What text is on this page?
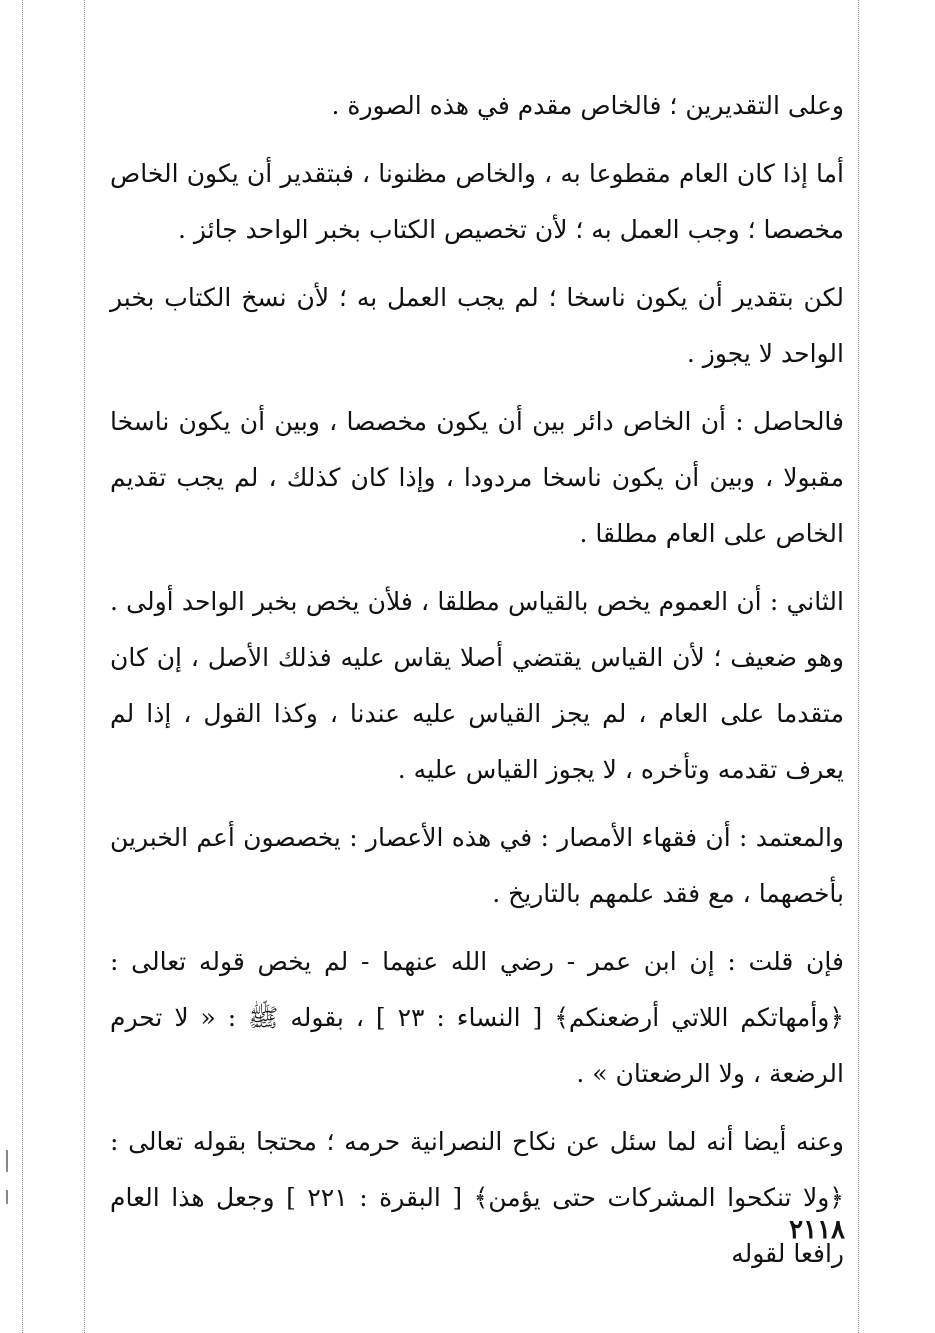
وعلى التقديرين ؛ فالخاص مقدم في هذه الصورة .

أما إذا كان العام مقطوعا به ، والخاص مظنونا ، فبتقدير أن يكون الخاص مخصصا ؛ وجب العمل به ؛ لأن تخصيص الكتاب بخبر الواحد جائز .

لكن بتقدير أن يكون ناسخا ؛ لم يجب العمل به ؛ لأن نسخ الكتاب بخبر الواحد لا يجوز .

فالحاصل : أن الخاص دائر بين أن يكون مخصصا ، وبين أن يكون ناسخا مقبولا ، وبين أن يكون ناسخا مردودا ، وإذا كان كذلك ، لم يجب تقديم الخاص على العام مطلقا .

الثاني : أن العموم يخص بالقياس مطلقا ، فلأن يخص بخبر الواحد أولى . وهو ضعيف ؛ لأن القياس يقتضي أصلا يقاس عليه فذلك الأصل ، إن كان متقدما على العام ، لم يجز القياس عليه عندنا ، وكذا القول ، إذا لم يعرف تقدمه وتأخره ، لا يجوز القياس عليه .

والمعتمد : أن فقهاء الأمصار : في هذه الأعصار : يخصصون أعم الخبرين بأخصهما ، مع فقد علمهم بالتاريخ .

فإن قلت : إن ابن عمر - رضي الله عنهما - لم يخص قوله تعالى : ﴿وأمهاتكم اللاتي أرضعنكم﴾ [ النساء : ٢٣ ] ، بقوله ﷺ : « لا تحرم الرضعة ، ولا الرضعتان » .

وعنه أيضا أنه لما سئل عن نكاح النصرانية حرمه ؛ محتجا بقوله تعالى : ﴿ولا تنكحوا المشركات حتى يؤمن﴾ [ البقرة : ٢٢١ ] وجعل هذا العام رافعا لقوله

٢١١٨
